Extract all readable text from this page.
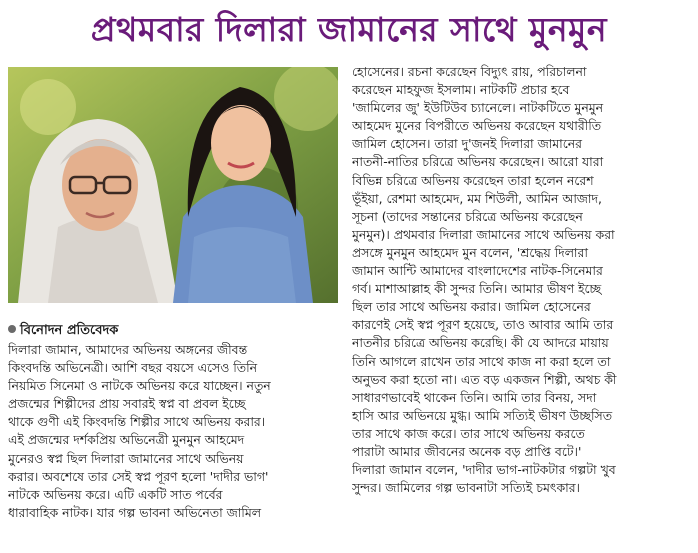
প্রথমবার দিলারা জামানের সাথে মুনমুন
বিনোদন প্রতিবেদক
দিলারা জামান, আমাদের অভিনয় অঙ্গনের জীবন্ত
কিংবদন্তি অভিনেত্রী। আশি বছর বয়সে এসেও তিনি
নিয়মিত সিনেমা ও নাটকে অভিনয় করে যাচ্ছেন। নতুন
প্রজন্মের শিল্পীদের প্রায় সবারই স্বপ্ন বা প্রবল ইচ্ছে
থাকে গুণী এই কিংবদন্তি শিল্পীর সাথে অভিনয় করার।
এই প্রজন্মের দর্শকপ্রিয় অভিনেত্রী মুনমুন আহমেদ
মুনেরও স্বপ্ন ছিল দিলারা জামানের সাথে অভিনয়
করার। অবশেষে তার সেই স্বপ্ন পূরণ হলো 'দাদীর ভাগ'
নাটকে অভিনয় করে। এটি একটি সাত পর্বের
ধারাবাহিক নাটক। যার গল্প ভাবনা অভিনেতা জামিল
হোসেনের। রচনা করেছেন বিদ্যুৎ রায়, পরিচালনা
করেছেন মাহফুজ ইসলাম। নাটকটি প্রচার হবে
'জামিলের জু' ইউটিউব চ্যানেলে। নাটকটিতে মুনমুন
আহমেদ মুনের বিপরীতে অভিনয় করেছেন যথারীতি
জামিল হোসেন। তারা দু'জনই দিলারা জামানের
নাতনী-নাতির চরিত্রে অভিনয় করেছেন। আরো যারা
বিভিন্ন চরিত্রে অভিনয় করেছেন তারা হলেন নরেশ
ভূঁইয়া, রেশমা আহমেদ, মম শিউলী, আমিন আজাদ,
সূচনা (তাদের সন্তানের চরিত্রে অভিনয় করেছেন
মুনমুন)। প্রথমবার দিলারা জামানের সাথে অভিনয় করা
প্রসঙ্গে মুনমুন আহমেদ মুন বলেন, 'শ্রদ্ধেয় দিলারা
জামান আন্টি আমাদের বাংলাদেশের নাটক-সিনেমার
গর্ব। মাশাআল্লাহ কী সুন্দর তিনি। আমার ভীষণ ইচ্ছে
ছিল তার সাথে অভিনয় করার। জামিল হোসেনের
কারণেই সেই স্বপ্ন পূরণ হয়েছে, তাও আবার আমি তার
নাতনীর চরিত্রে অভিনয় করেছি। কী যে আদরে মায়ায়
তিনি আগলে রাখেন তার সাথে কাজ না করা হলে তা
অনুভব করা হতো না। এত বড় একজন শিল্পী, অথচ কী
সাধারণভাবেই থাকেন তিনি। আমি তার বিনয়, সদা
হাসি আর অভিনয়ে মুগ্ধ। আমি সত্যিই ভীষণ উচ্ছসিত
তার সাথে কাজ করে। তার সাথে অভিনয় করতে
পারাটা আমার জীবনের অনেক বড় প্রাপ্তি বটে।'
দিলারা জামান বলেন, 'দাদীর ভাগ-নাটকটার গল্পটা খুব
সুন্দর। জামিলের গল্প ভাবনাটা সত্যিই চমৎকার।
